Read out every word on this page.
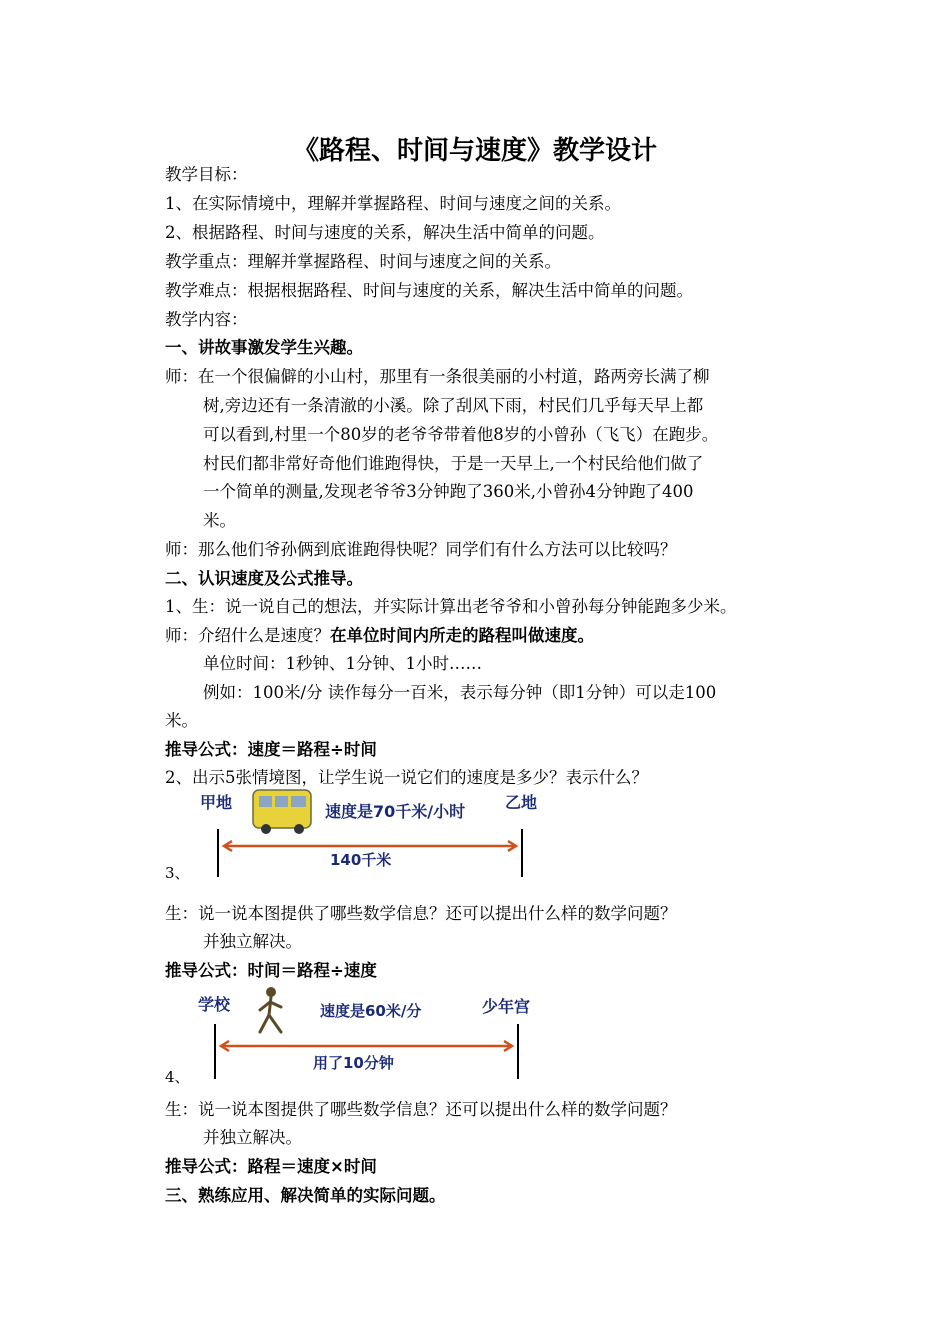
《路程、时间与速度》教学设计
教学目标：
1、在实际情境中，理解并掌握路程、时间与速度之间的关系。
2、根据路程、时间与速度的关系，解决生活中简单的问题。
教学重点：理解并掌握路程、时间与速度之间的关系。
教学难点：根据根据路程、时间与速度的关系，解决生活中简单的问题。
教学内容：
一、讲故事激发学生兴趣。
师：在一个很偏僻的小山村，那里有一条很美丽的小村道，路两旁长满了柳
树,旁边还有一条清澈的小溪。除了刮风下雨，村民们几乎每天早上都
可以看到,村里一个80岁的老爷爷带着他8岁的小曾孙（飞飞）在跑步。
村民们都非常好奇他们谁跑得快，于是一天早上,一个村民给他们做了
一个简单的测量,发现老爷爷3分钟跑了360米,小曾孙4分钟跑了400
米。
师：那么他们爷孙俩到底谁跑得快呢？同学们有什么方法可以比较吗？
二、认识速度及公式推导。
1、生：说一说自己的想法，并实际计算出老爷爷和小曾孙每分钟能跑多少米。
师：介绍什么是速度？在单位时间内所走的路程叫做速度。
单位时间：1秒钟、1分钟、1小时……
例如：100米/分 读作每分一百米，表示每分钟（即1分钟）可以走100
米。
推导公式：速度＝路程÷时间
2、出示5张情境图，让学生说一说它们的速度是多少？表示什么？
甲地	乙地
速度是70千米/小时
140千米
3、
生：说一说本图提供了哪些数学信息？还可以提出什么样的数学问题？
并独立解决。
推导公式：时间＝路程÷速度
学校	少年宫
速度是60米/分
用了10分钟
4、
生：说一说本图提供了哪些数学信息？还可以提出什么样的数学问题？
并独立解决。
推导公式：路程＝速度×时间
三、熟练应用、解决简单的实际问题。
